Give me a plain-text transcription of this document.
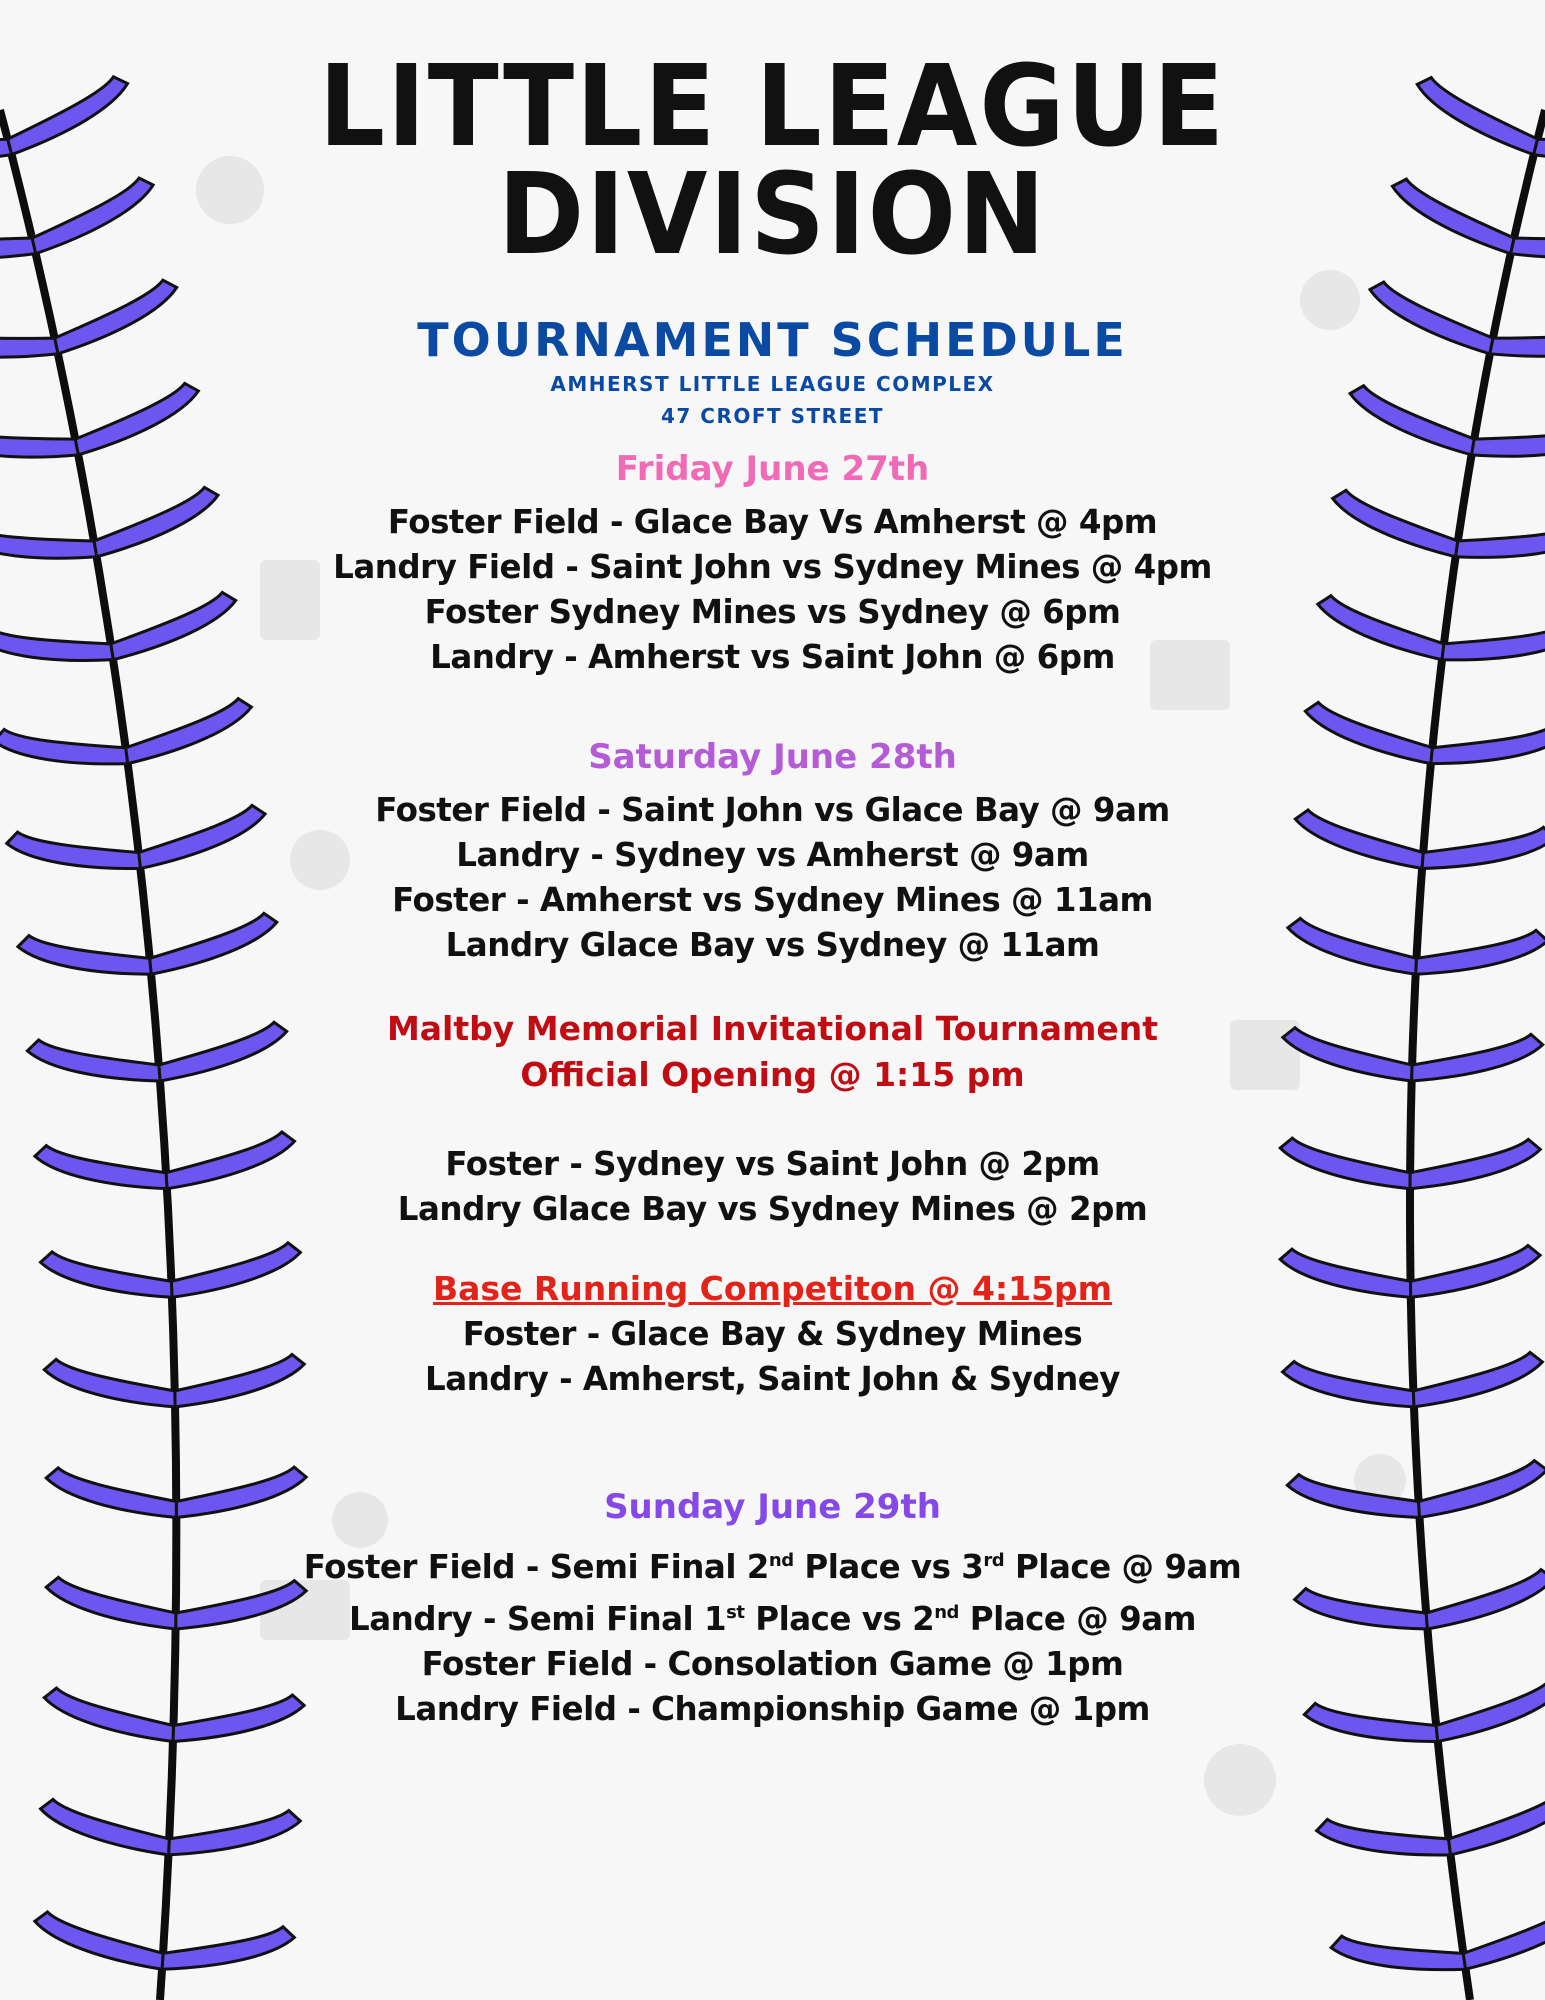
LITTLE LEAGUE
DIVISION
TOURNAMENT SCHEDULE
AMHERST LITTLE LEAGUE COMPLEX
47 CROFT STREET
Friday June 27th
Foster Field - Glace Bay Vs Amherst @ 4pm
Landry Field - Saint John vs Sydney Mines @ 4pm
Foster Sydney Mines vs Sydney @ 6pm
Landry - Amherst vs Saint John @ 6pm
Saturday June 28th
Foster Field - Saint John vs Glace Bay @ 9am
Landry - Sydney vs Amherst @ 9am
Foster - Amherst vs Sydney Mines @ 11am
Landry Glace Bay vs Sydney @ 11am
Maltby Memorial Invitational Tournament
Official Opening @ 1:15 pm
Foster - Sydney vs Saint John @ 2pm
Landry Glace Bay vs Sydney Mines @ 2pm
Base Running Competiton @ 4:15pm
Foster - Glace Bay & Sydney Mines
Landry - Amherst, Saint John & Sydney
Sunday June 29th
Foster Field - Semi Final 2nd Place vs 3rd Place @ 9am
Landry - Semi Final 1st Place vs 2nd Place @ 9am
Foster Field - Consolation Game @ 1pm
Landry Field - Championship Game @ 1pm
